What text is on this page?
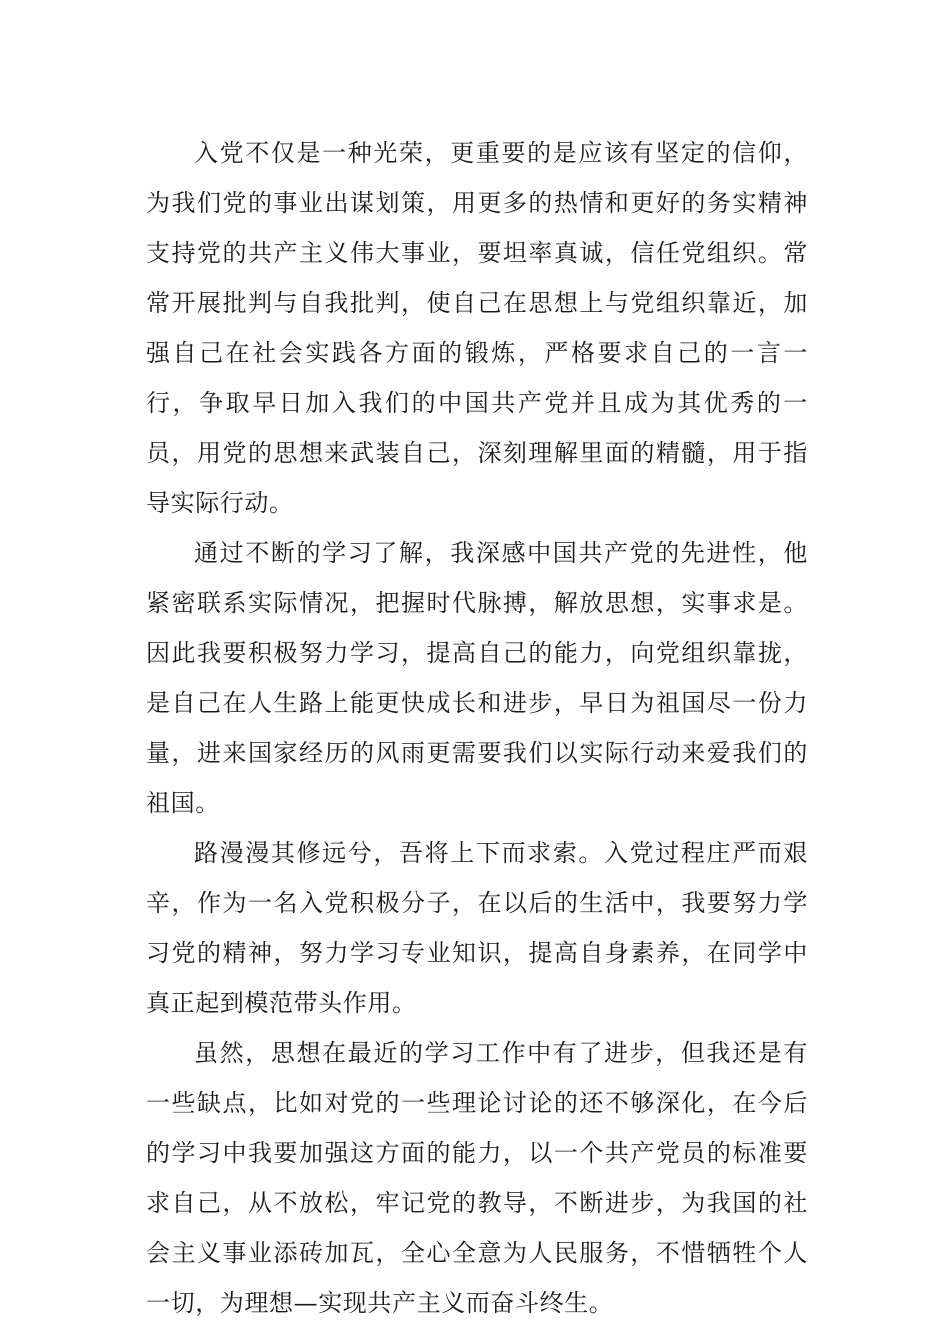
入党不仅是一种光荣，更重要的是应该有坚定的信仰，为我们党的事业出谋划策，用更多的热情和更好的务实精神支持党的共产主义伟大事业，要坦率真诚，信任党组织。常常开展批判与自我批判，使自己在思想上与党组织靠近，加强自己在社会实践各方面的锻炼，严格要求自己的一言一行，争取早日加入我们的中国共产党并且成为其优秀的一员，用党的思想来武装自己，深刻理解里面的精髓，用于指导实际行动。

通过不断的学习了解，我深感中国共产党的先进性，他紧密联系实际情况，把握时代脉搏，解放思想，实事求是。因此我要积极努力学习，提高自己的能力，向党组织靠拢，是自己在人生路上能更快成长和进步，早日为祖国尽一份力量，进来国家经历的风雨更需要我们以实际行动来爱我们的祖国。

路漫漫其修远兮，吾将上下而求索。入党过程庄严而艰辛，作为一名入党积极分子，在以后的生活中，我要努力学习党的精神，努力学习专业知识，提高自身素养，在同学中真正起到模范带头作用。

虽然，思想在最近的学习工作中有了进步，但我还是有一些缺点，比如对党的一些理论讨论的还不够深化，在今后的学习中我要加强这方面的能力，以一个共产党员的标准要求自己，从不放松，牢记党的教导，不断进步，为我国的社会主义事业添砖加瓦，全心全意为人民服务，不惜牺牲个人一切，为理想—实现共产主义而奋斗终生。
